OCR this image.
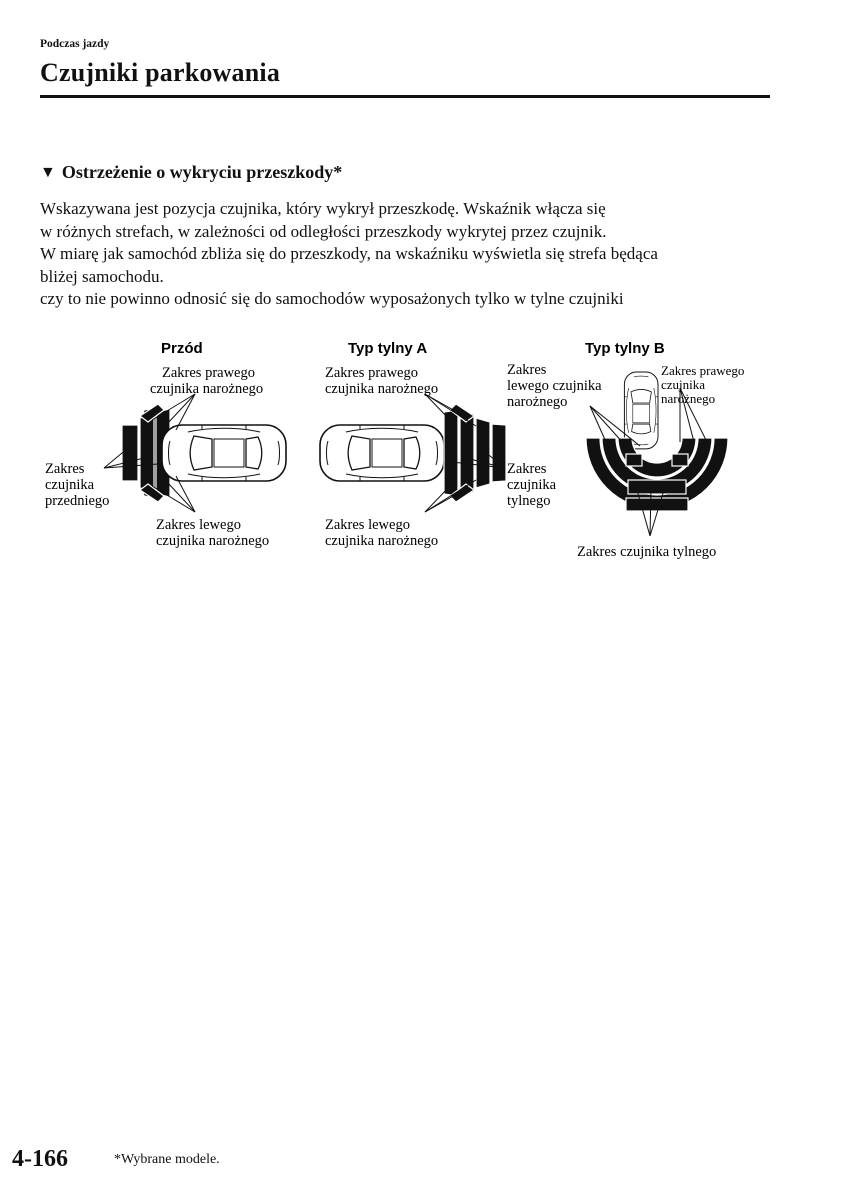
Podczas jazdy
Czujniki parkowania
▼ Ostrzeżenie o wykryciu przeszkody*

Wskazywana jest pozycja czujnika, który wykrył przeszkodę. Wskaźnik włącza się

w różnych strefach, w zależności od odległości przeszkody wykrytej przez czujnik.

W miarę jak samochód zbliża się do przeszkody, na wskaźniku wyświetla się strefa będąca

bliżej samochodu.

czy to nie powinno odnosić się do samochodów wyposażonych tylko w tylne czujniki

Przód
Zakres prawego
czujnika narożnego
Zakres
czujnika
przedniego
Zakres lewego
czujnika narożnego
Typ tylny A
Zakres prawego
czujnika narożnego
Zakres
czujnika
tylnego
Zakres lewego
czujnika narożnego
Typ tylny B
Zakres
lewego czujnika
narożnego
Zakres prawego
czujnika
narożnego
Zakres czujnika tylnego
4-166	*Wybrane modele.
